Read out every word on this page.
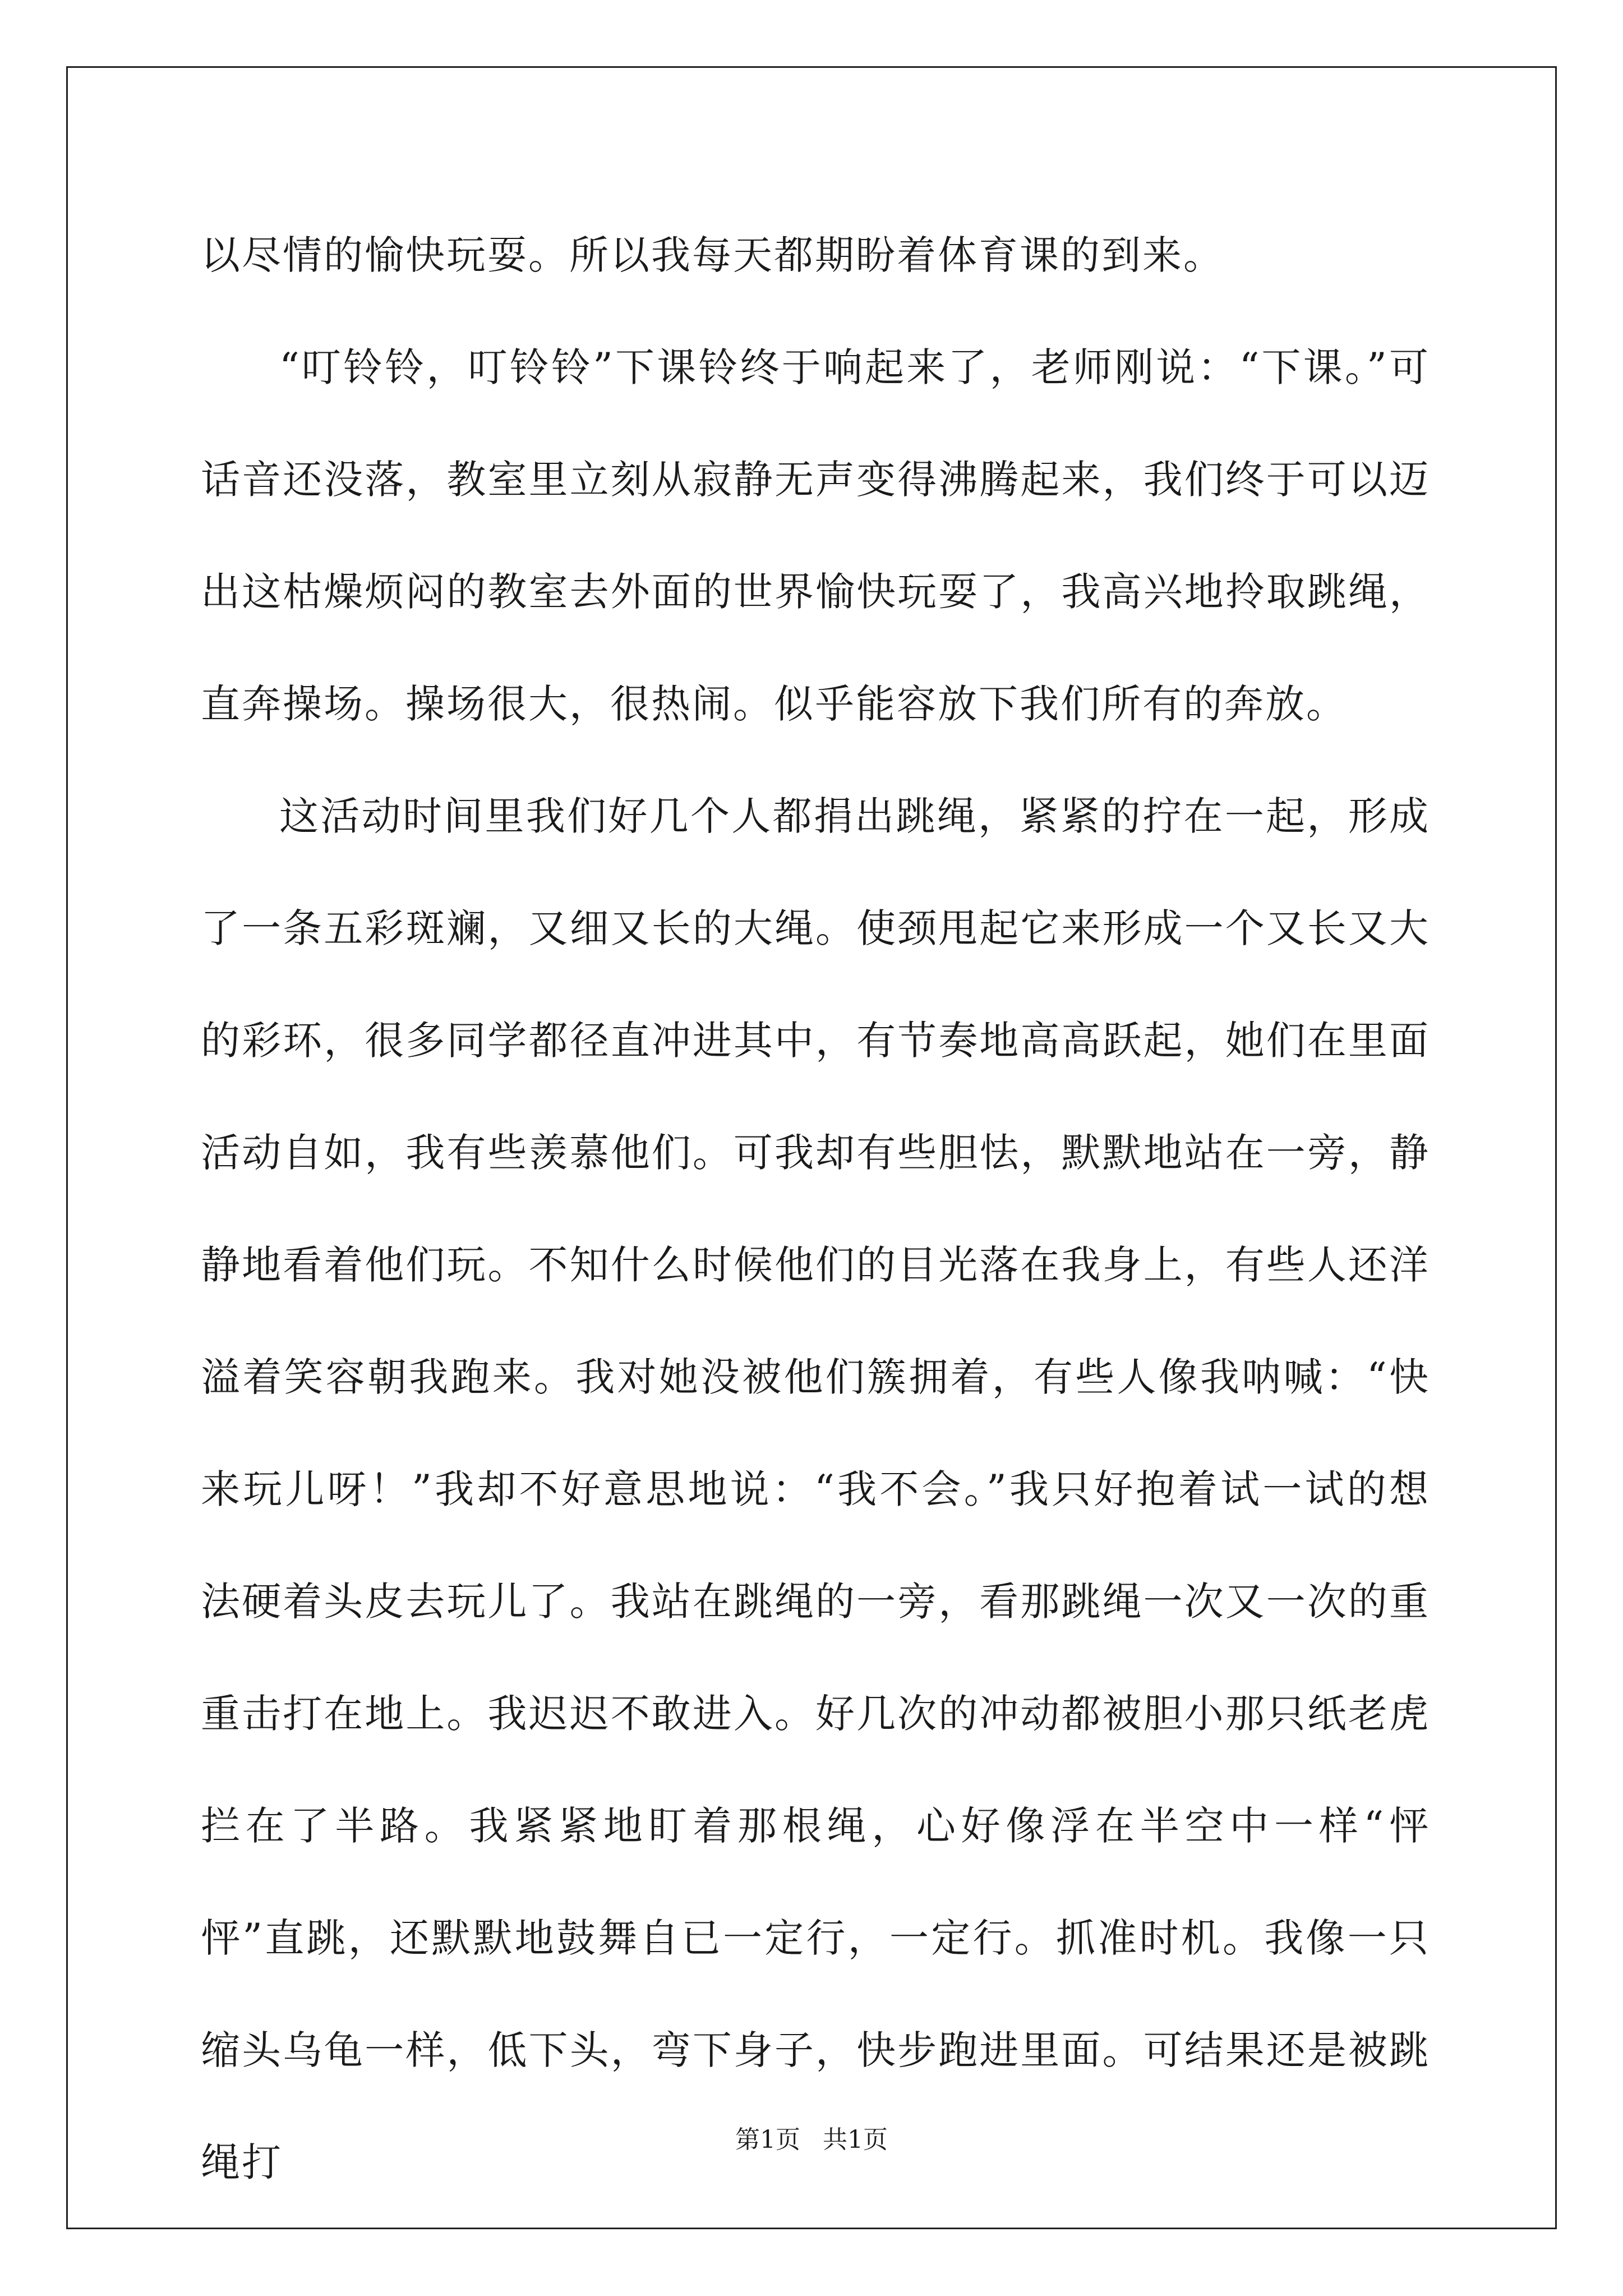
以尽情的愉快玩耍。所以我每天都期盼着体育课的到来。

“叮铃铃，叮铃铃”下课铃终于响起来了，老师刚说：“下课。”可话音还没落，教室里立刻从寂静无声变得沸腾起来，我们终于可以迈出这枯燥烦闷的教室去外面的世界愉快玩耍了，我高兴地拎取跳绳，直奔操场。操场很大，很热闹。似乎能容放下我们所有的奔放。

这活动时间里我们好几个人都捐出跳绳，紧紧的拧在一起，形成了一条五彩斑斓，又细又长的大绳。使颈甩起它来形成一个又长又大的彩环，很多同学都径直冲进其中，有节奏地高高跃起，她们在里面活动自如，我有些羡慕他们。可我却有些胆怯，默默地站在一旁，静静地看着他们玩。不知什么时候他们的目光落在我身上，有些人还洋溢着笑容朝我跑来。我对她没被他们簇拥着，有些人像我呐喊：“快来玩儿呀！”我却不好意思地说：“我不会。”我只好抱着试一试的想法硬着头皮去玩儿了。我站在跳绳的一旁，看那跳绳一次又一次的重重击打在地上。我迟迟不敢进入。好几次的冲动都被胆小那只纸老虎拦在了半路。我紧紧地盯着那根绳，心好像浮在半空中一样“怦怦”直跳，还默默地鼓舞自已一定行，一定行。抓准时机。我像一只缩头乌龟一样，低下头，弯下身子，快步跑进里面。可结果还是被跳绳打	第1页 共1页
